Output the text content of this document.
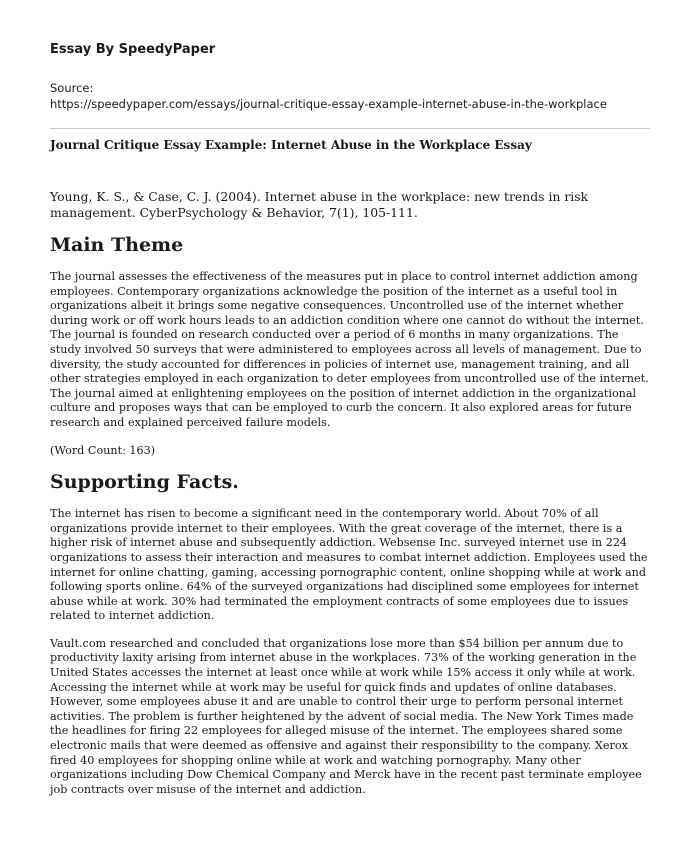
Essay By SpeedyPaper

Source:

https://speedypaper.com/essays/journal-critique-essay-example-internet-abuse-in-the-workplace

Journal Critique Essay Example: Internet Abuse in the Workplace Essay

Young, K. S., & Case, C. J. (2004). Internet abuse in the workplace: new trends in risk management. CyberPsychology & Behavior, 7(1), 105-111.

Main Theme

The journal assesses the effectiveness of the measures put in place to control internet addiction among employees. Contemporary organizations acknowledge the position of the internet as a useful tool in organizations albeit it brings some negative consequences. Uncontrolled use of the internet whether during work or off work hours leads to an addiction condition where one cannot do without the internet. The journal is founded on research conducted over a period of 6 months in many organizations. The study involved 50 surveys that were administered to employees across all levels of management. Due to diversity, the study accounted for differences in policies of internet use, management training, and all other strategies employed in each organization to deter employees from uncontrolled use of the internet. The journal aimed at enlightening employees on the position of internet addiction in the organizational culture and proposes ways that can be employed to curb the concern. It also explored areas for future research and explained perceived failure models.

(Word Count: 163)

Supporting Facts.

The internet has risen to become a significant need in the contemporary world. About 70% of all organizations provide internet to their employees. With the great coverage of the internet, there is a higher risk of internet abuse and subsequently addiction. Websense Inc. surveyed internet use in 224 organizations to assess their interaction and measures to combat internet addiction. Employees used the internet for online chatting, gaming, accessing pornographic content, online shopping while at work and following sports online. 64% of the surveyed organizations had disciplined some employees for internet abuse while at work. 30% had terminated the employment contracts of some employees due to issues related to internet addiction.

Vault.com researched and concluded that organizations lose more than $54 billion per annum due to productivity laxity arising from internet abuse in the workplaces. 73% of the working generation in the United States accesses the internet at least once while at work while 15% access it only while at work. Accessing the internet while at work may be useful for quick finds and updates of online databases. However, some employees abuse it and are unable to control their urge to perform personal internet activities. The problem is further heightened by the advent of social media. The New York Times made the headlines for firing 22 employees for alleged misuse of the internet. The employees shared some electronic mails that were deemed as offensive and against their responsibility to the company. Xerox fired 40 employees for shopping online while at work and watching pornography. Many other organizations including Dow Chemical Company and Merck have in the recent past terminate employee job contracts over misuse of the internet and addiction.
